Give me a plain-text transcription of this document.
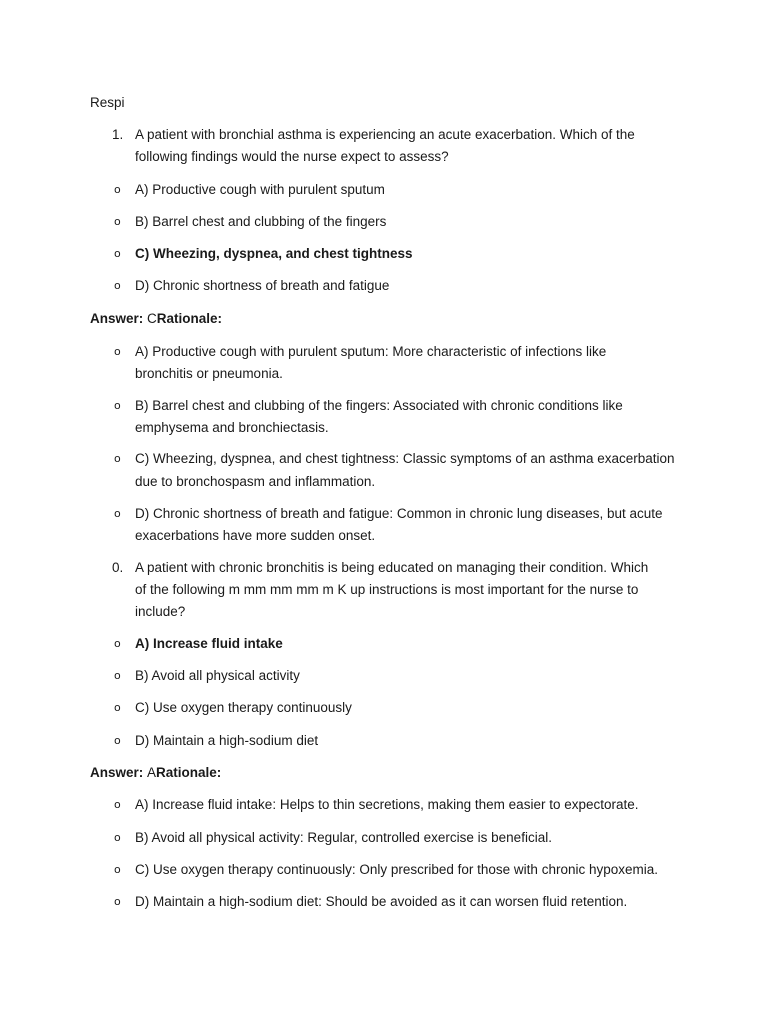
Respi
1. A patient with bronchial asthma is experiencing an acute exacerbation. Which of the
following findings would the nurse expect to assess?
o A) Productive cough with purulent sputum
o B) Barrel chest and clubbing of the fingers
o C) Wheezing, dyspnea, and chest tightness
o D) Chronic shortness of breath and fatigue
Answer: CRationale:
o A) Productive cough with purulent sputum: More characteristic of infections like
bronchitis or pneumonia.
o B) Barrel chest and clubbing of the fingers: Associated with chronic conditions like
emphysema and bronchiectasis.
o C) Wheezing, dyspnea, and chest tightness: Classic symptoms of an asthma exacerbation
due to bronchospasm and inflammation.
o D) Chronic shortness of breath and fatigue: Common in chronic lung diseases, but acute
exacerbations have more sudden onset.
0. A patient with chronic bronchitis is being educated on managing their condition. Which
of the following m mm mm mm m K up instructions is most important for the nurse to
include?
o A) Increase fluid intake
o B) Avoid all physical activity
o C) Use oxygen therapy continuously
o D) Maintain a high-sodium diet
Answer: ARationale:
o A) Increase fluid intake: Helps to thin secretions, making them easier to expectorate.
o B) Avoid all physical activity: Regular, controlled exercise is beneficial.
o C) Use oxygen therapy continuously: Only prescribed for those with chronic hypoxemia.
o D) Maintain a high-sodium diet: Should be avoided as it can worsen fluid retention.
